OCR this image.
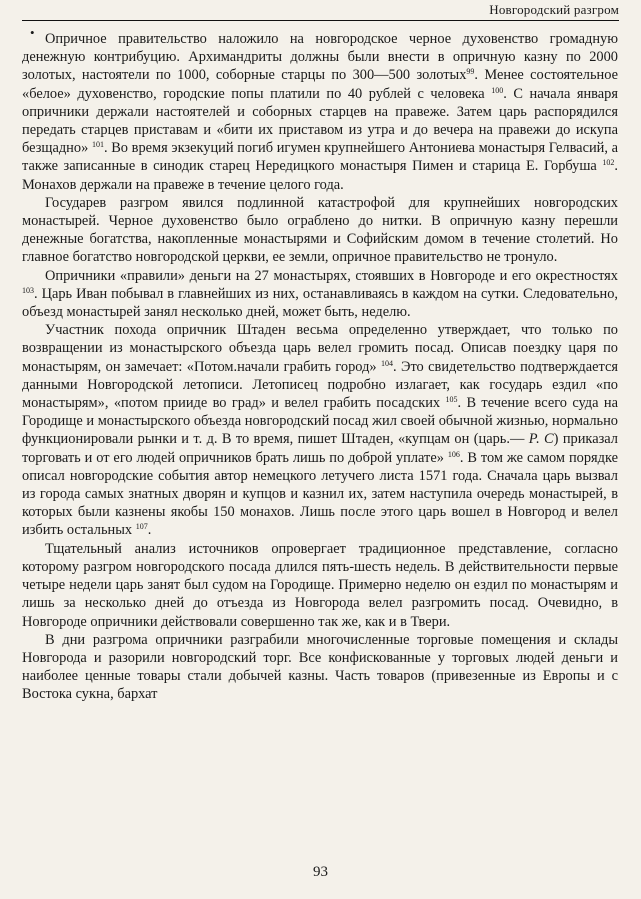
Новгородский разгром
• Опричное правительство наложило на новгородское черное духовенство громадную денежную контрибуцию. Архимандриты должны были внести в опричную казну по 2000 золотых, настоятели по 1000, соборные старцы по 300—500 золотых$^{99}$. Менее состоятельное «белое» духовенство, городские попы платили по 40 рублей с человека $^{100}$. С начала января опричники держали настоятелей и соборных старцев на правеже. Затем царь распорядился передать старцев приставам и «бити их приставом из утра и до вечера на правежи до искупа безщадно» $^{101}$. Во время экзекуций погиб игумен крупнейшего Антониева монастыря Гелвасий, а также записанные в синодик старец Нередицкого монастыря Пимен и старица Е. Горбуша $^{102}$. Монахов держали на правеже в течение целого года.

Государев разгром явился подлинной катастрофой для крупнейших новгородских монастырей. Черное духовенство было ограблено до нитки. В опричную казну перешли денежные богатства, накопленные монастырями и Софийским домом в течение столетий. Но главное богатство новгородской церкви, ее земли, опричное правительство не тронуло.

Опричники «правили» деньги на 27 монастырях, стоявших в Новгороде и его окрестностях $^{103}$. Царь Иван побывал в главнейших из них, останавливаясь в каждом на сутки. Следовательно, объезд монастырей занял несколько дней, может быть, неделю.

Участник похода опричник Штаден весьма определенно утверждает, что только по возвращении из монастырского объезда царь велел громить посад. Описав поездку царя по монастырям, он замечает: «Потом.начали грабить город» $^{104}$. Это свидетельство подтверждается данными Новгородской летописи. Летописец подробно излагает, как государь ездил «по монастырям», «потом прииде во град» и велел грабить посадских $^{105}$. В течение всего суда на Городище и монастырского объезда новгородский посад жил своей обычной жизнью, нормально функционировали рынки и т. д. В то время, пишет Штаден, «купцам он (царь.— Р. С) приказал торговать и от его людей опричников брать лишь по доброй уплате» $^{106}$. В том же самом порядке описал новгородские события автор немецкого летучего листа 1571 года. Сначала царь вызвал из города самых знатных дворян и купцов и казнил их, затем наступила очередь монастырей, в которых были казнены якобы 150 монахов. Лишь после этого царь вошел в Новгород и велел избить остальных $^{107}$.

Тщательный анализ источников опровергает традиционное представление, согласно которому разгром новгородского посада длился пять-шесть недель. В действительности первые четыре недели царь занят был судом на Городище. Примерно неделю он ездил по монастырям и лишь за несколько дней до отъезда из Новгорода велел разгромить посад. Очевидно, в Новгороде опричники действовали совершенно так же, как и в Твери.

В дни разгрома опричники разграбили многочисленные торговые помещения и склады Новгорода и разорили новгородский торг. Все конфискованные у торговых людей деньги и наиболее ценные товары стали добычей казны. Часть товаров (привезенные из Европы и с Востока сукна, бархат

93
